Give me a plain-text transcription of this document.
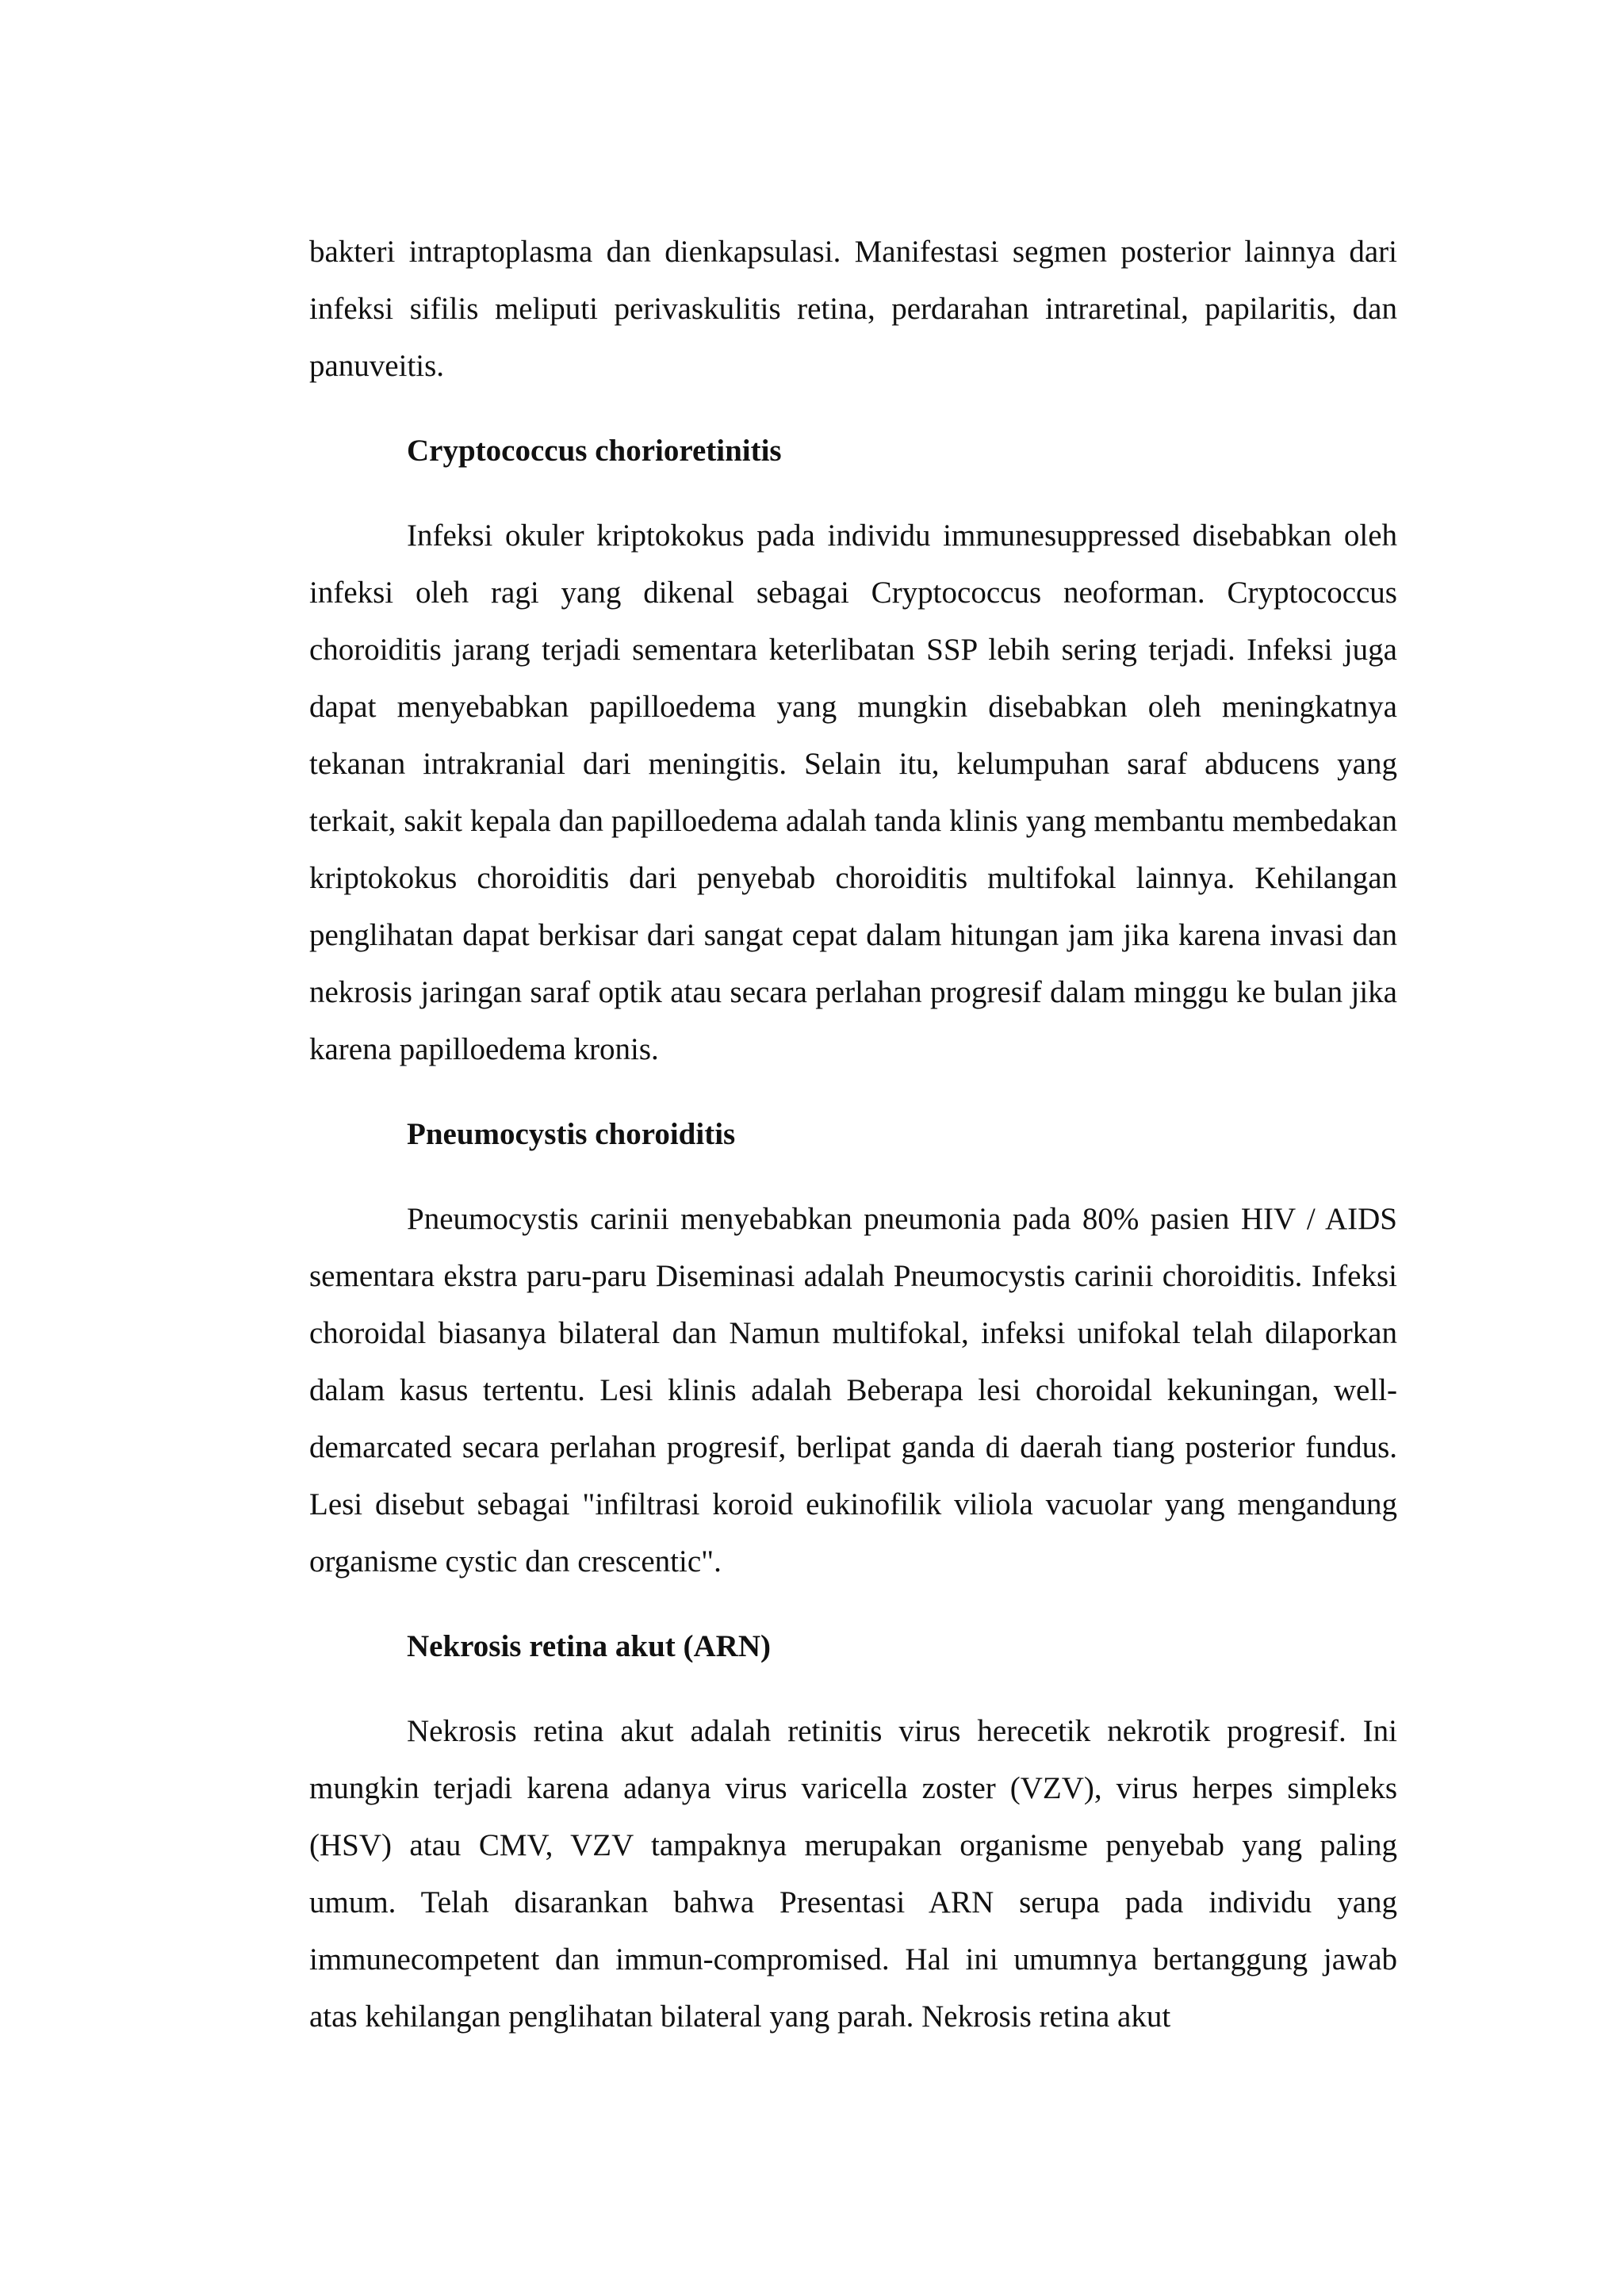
bakteri intraptoplasma dan dienkapsulasi. Manifestasi segmen posterior lainnya dari infeksi sifilis meliputi perivaskulitis retina, perdarahan intraretinal, papilaritis, dan panuveitis.

Cryptococcus chorioretinitis

Infeksi okuler kriptokokus pada individu immunesuppressed disebabkan oleh infeksi oleh ragi yang dikenal sebagai Cryptococcus neoforman. Cryptococcus choroiditis jarang terjadi sementara keterlibatan SSP lebih sering terjadi. Infeksi juga dapat menyebabkan papilloedema yang mungkin disebabkan oleh meningkatnya tekanan intrakranial dari meningitis. Selain itu, kelumpuhan saraf abducens yang terkait, sakit kepala dan papilloedema adalah tanda klinis yang membantu membedakan kriptokokus choroiditis dari penyebab choroiditis multifokal lainnya. Kehilangan penglihatan dapat berkisar dari sangat cepat dalam hitungan jam jika karena invasi dan nekrosis jaringan saraf optik atau secara perlahan progresif dalam minggu ke bulan jika karena papilloedema kronis.

Pneumocystis choroiditis

Pneumocystis carinii menyebabkan pneumonia pada 80% pasien HIV / AIDS sementara ekstra paru-paru Diseminasi adalah Pneumocystis carinii choroiditis. Infeksi choroidal biasanya bilateral dan Namun multifokal, infeksi unifokal telah dilaporkan dalam kasus tertentu. Lesi klinis adalah Beberapa lesi choroidal kekuningan, well-demarcated secara perlahan progresif, berlipat ganda di daerah tiang posterior fundus. Lesi disebut sebagai "infiltrasi koroid eukinofilik viliola vacuolar yang mengandung organisme cystic dan crescentic".

Nekrosis retina akut (ARN)

Nekrosis retina akut adalah retinitis virus herecetik nekrotik progresif. Ini mungkin terjadi karena adanya virus varicella zoster (VZV), virus herpes simpleks (HSV) atau CMV, VZV tampaknya merupakan organisme penyebab yang paling umum. Telah disarankan bahwa Presentasi ARN serupa pada individu yang immunecompetent dan immun-compromised. Hal ini umumnya bertanggung jawab atas kehilangan penglihatan bilateral yang parah. Nekrosis retina akut
